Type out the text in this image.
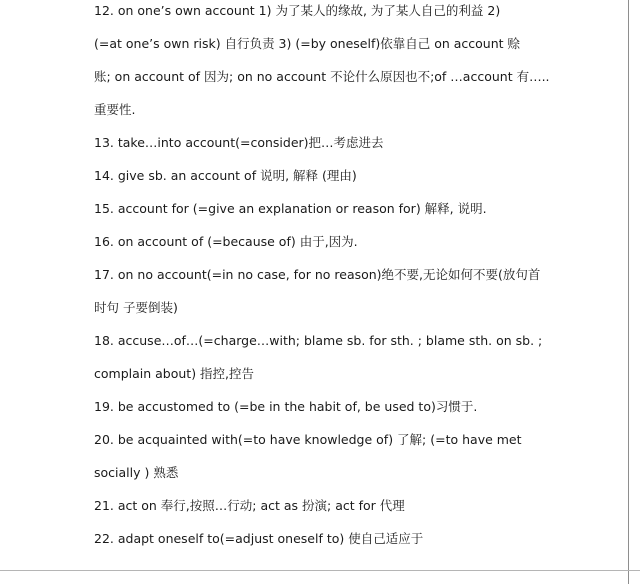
12. on one’s own account 1) 为了某人的缘故, 为了某人自己的利益 2)
(=at one’s own risk) 自行负责 3) (=by oneself)依靠自己 on account 赊
账; on account of 因为; on no account 不论什么原因也不;of …account 有…..
重要性.
13. take…into account(=consider)把…考虑进去
14. give sb. an account of 说明, 解释 (理由)
15. account for (=give an explanation or reason for) 解释, 说明.
16. on account of (=because of) 由于,因为.
17. on no account(=in no case, for no reason)绝不要,无论如何不要(放句首
时句 子要倒装)
18. accuse…of…(=charge…with; blame sb. for sth. ; blame sth. on sb. ;
complain about) 指控,控告
19. be accustomed to (=be in the habit of, be used to)习惯于.
20. be acquainted with(=to have knowledge of) 了解; (=to have met
socially ) 熟悉
21. act on 奉行,按照…行动; act as 扮演; act for 代理
22. adapt oneself to(=adjust oneself to) 使自己适应于
